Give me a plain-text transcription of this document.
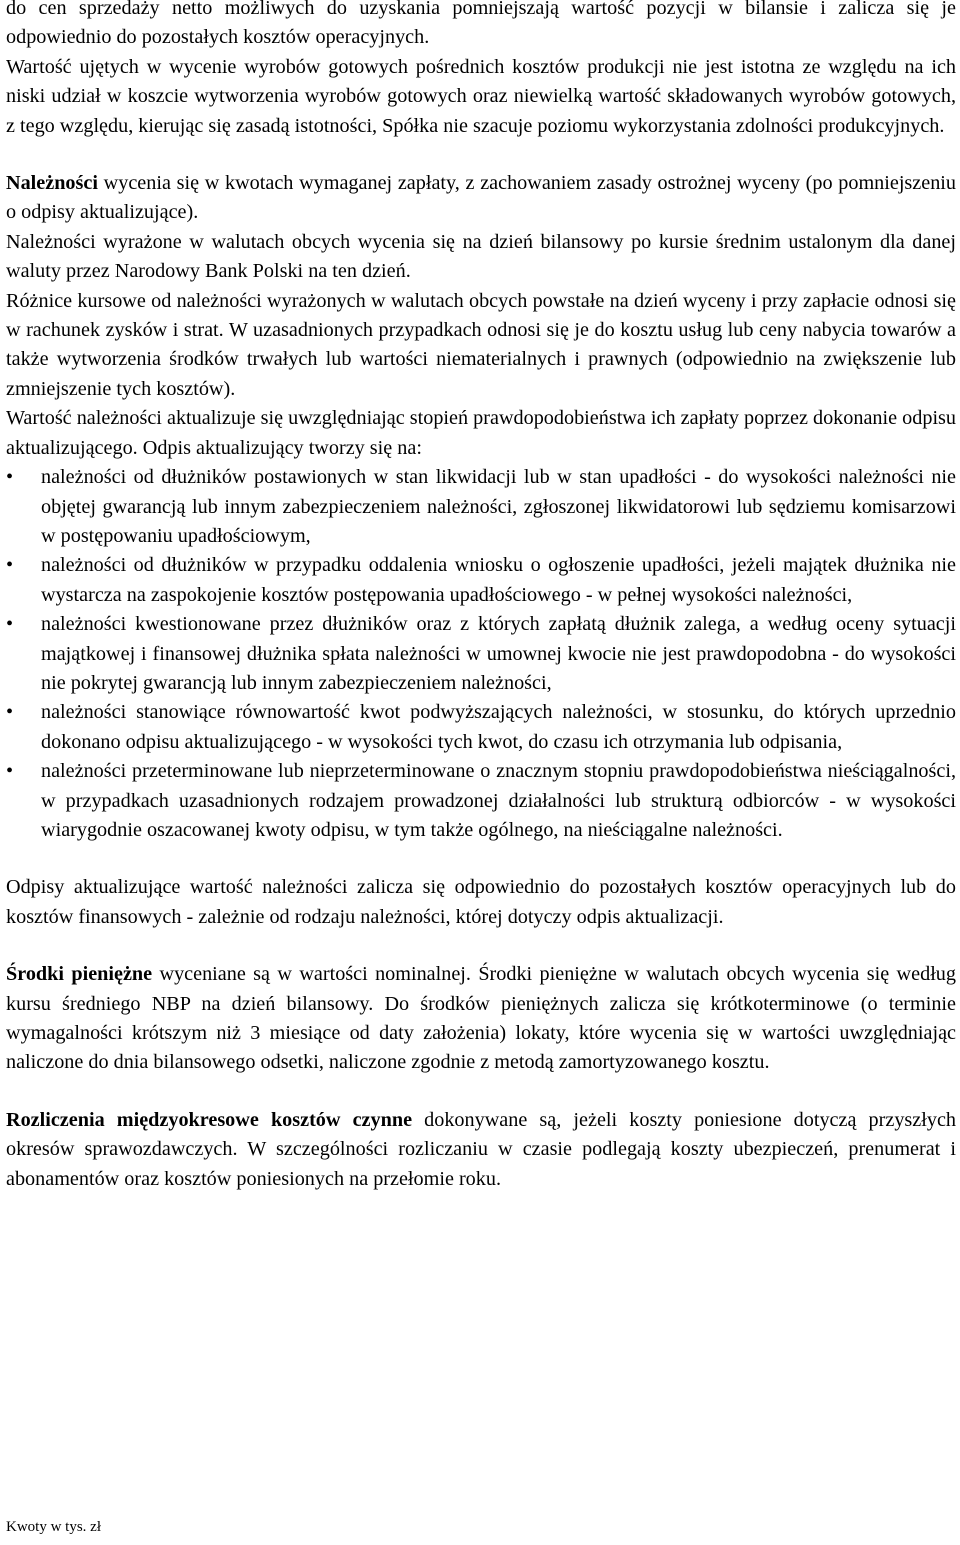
do cen sprzedaży netto możliwych do uzyskania pomniejszają wartość pozycji w bilansie i zalicza się je odpowiednio do pozostałych kosztów operacyjnych.

Wartość ujętych w wycenie wyrobów gotowych pośrednich kosztów produkcji nie jest istotna ze względu na ich niski udział w koszcie wytworzenia wyrobów gotowych oraz niewielką wartość składowanych wyrobów gotowych, z tego względu, kierując się zasadą istotności, Spółka nie szacuje poziomu wykorzystania zdolności produkcyjnych.

Należności wycenia się w kwotach wymaganej zapłaty, z zachowaniem zasady ostrożnej wyceny (po pomniejszeniu o odpisy aktualizujące).

Należności wyrażone w walutach obcych wycenia się na dzień bilansowy po kursie średnim ustalonym dla danej waluty przez Narodowy Bank Polski na ten dzień.

Różnice kursowe od należności wyrażonych w walutach obcych powstałe na dzień wyceny i przy zapłacie odnosi się w rachunek zysków i strat. W uzasadnionych przypadkach odnosi się je do kosztu usług lub ceny nabycia towarów a także wytworzenia środków trwałych lub wartości niematerialnych i prawnych (odpowiednio na zwiększenie lub zmniejszenie tych kosztów).

Wartość należności aktualizuje się uwzględniając stopień prawdopodobieństwa ich zapłaty poprzez dokonanie odpisu aktualizującego. Odpis aktualizujący tworzy się na:

• należności od dłużników postawionych w stan likwidacji lub w stan upadłości - do wysokości należności nie objętej gwarancją lub innym zabezpieczeniem należności, zgłoszonej likwidatorowi lub sędziemu komisarzowi w postępowaniu upadłościowym,
• należności od dłużników w przypadku oddalenia wniosku o ogłoszenie upadłości, jeżeli majątek dłużnika nie wystarcza na zaspokojenie kosztów postępowania upadłościowego - w pełnej wysokości należności,
• należności kwestionowane przez dłużników oraz z których zapłatą dłużnik zalega, a według oceny sytuacji majątkowej i finansowej dłużnika spłata należności w umownej kwocie nie jest prawdopodobna - do wysokości nie pokrytej gwarancją lub innym zabezpieczeniem należności,
• należności stanowiące równowartość kwot podwyższających należności, w stosunku, do których uprzednio dokonano odpisu aktualizującego - w wysokości tych kwot, do czasu ich otrzymania lub odpisania,
• należności przeterminowane lub nieprzeterminowane o znacznym stopniu prawdopodobieństwa nieściągalności, w przypadkach uzasadnionych rodzajem prowadzonej działalności lub strukturą odbiorców - w wysokości wiarygodnie oszacowanej kwoty odpisu, w tym także ogólnego, na nieściągalne należności.

Odpisy aktualizujące wartość należności zalicza się odpowiednio do pozostałych kosztów operacyjnych lub do kosztów finansowych - zależnie od rodzaju należności, której dotyczy odpis aktualizacji.

Środki pieniężne wyceniane są w wartości nominalnej. Środki pieniężne w walutach obcych wycenia się według kursu średniego NBP na dzień bilansowy. Do środków pieniężnych zalicza się krótkoterminowe (o terminie wymagalności krótszym niż 3 miesiące od daty założenia) lokaty, które wycenia się w wartości uwzględniając naliczone do dnia bilansowego odsetki, naliczone zgodnie z metodą zamortyzowanego kosztu.

Rozliczenia międzyokresowe kosztów czynne dokonywane są, jeżeli koszty poniesione dotyczą przyszłych okresów sprawozdawczych. W szczególności rozliczaniu w czasie podlegają koszty ubezpieczeń, prenumerat i abonamentów oraz kosztów poniesionych na przełomie roku.

Kwoty w tys. zł
